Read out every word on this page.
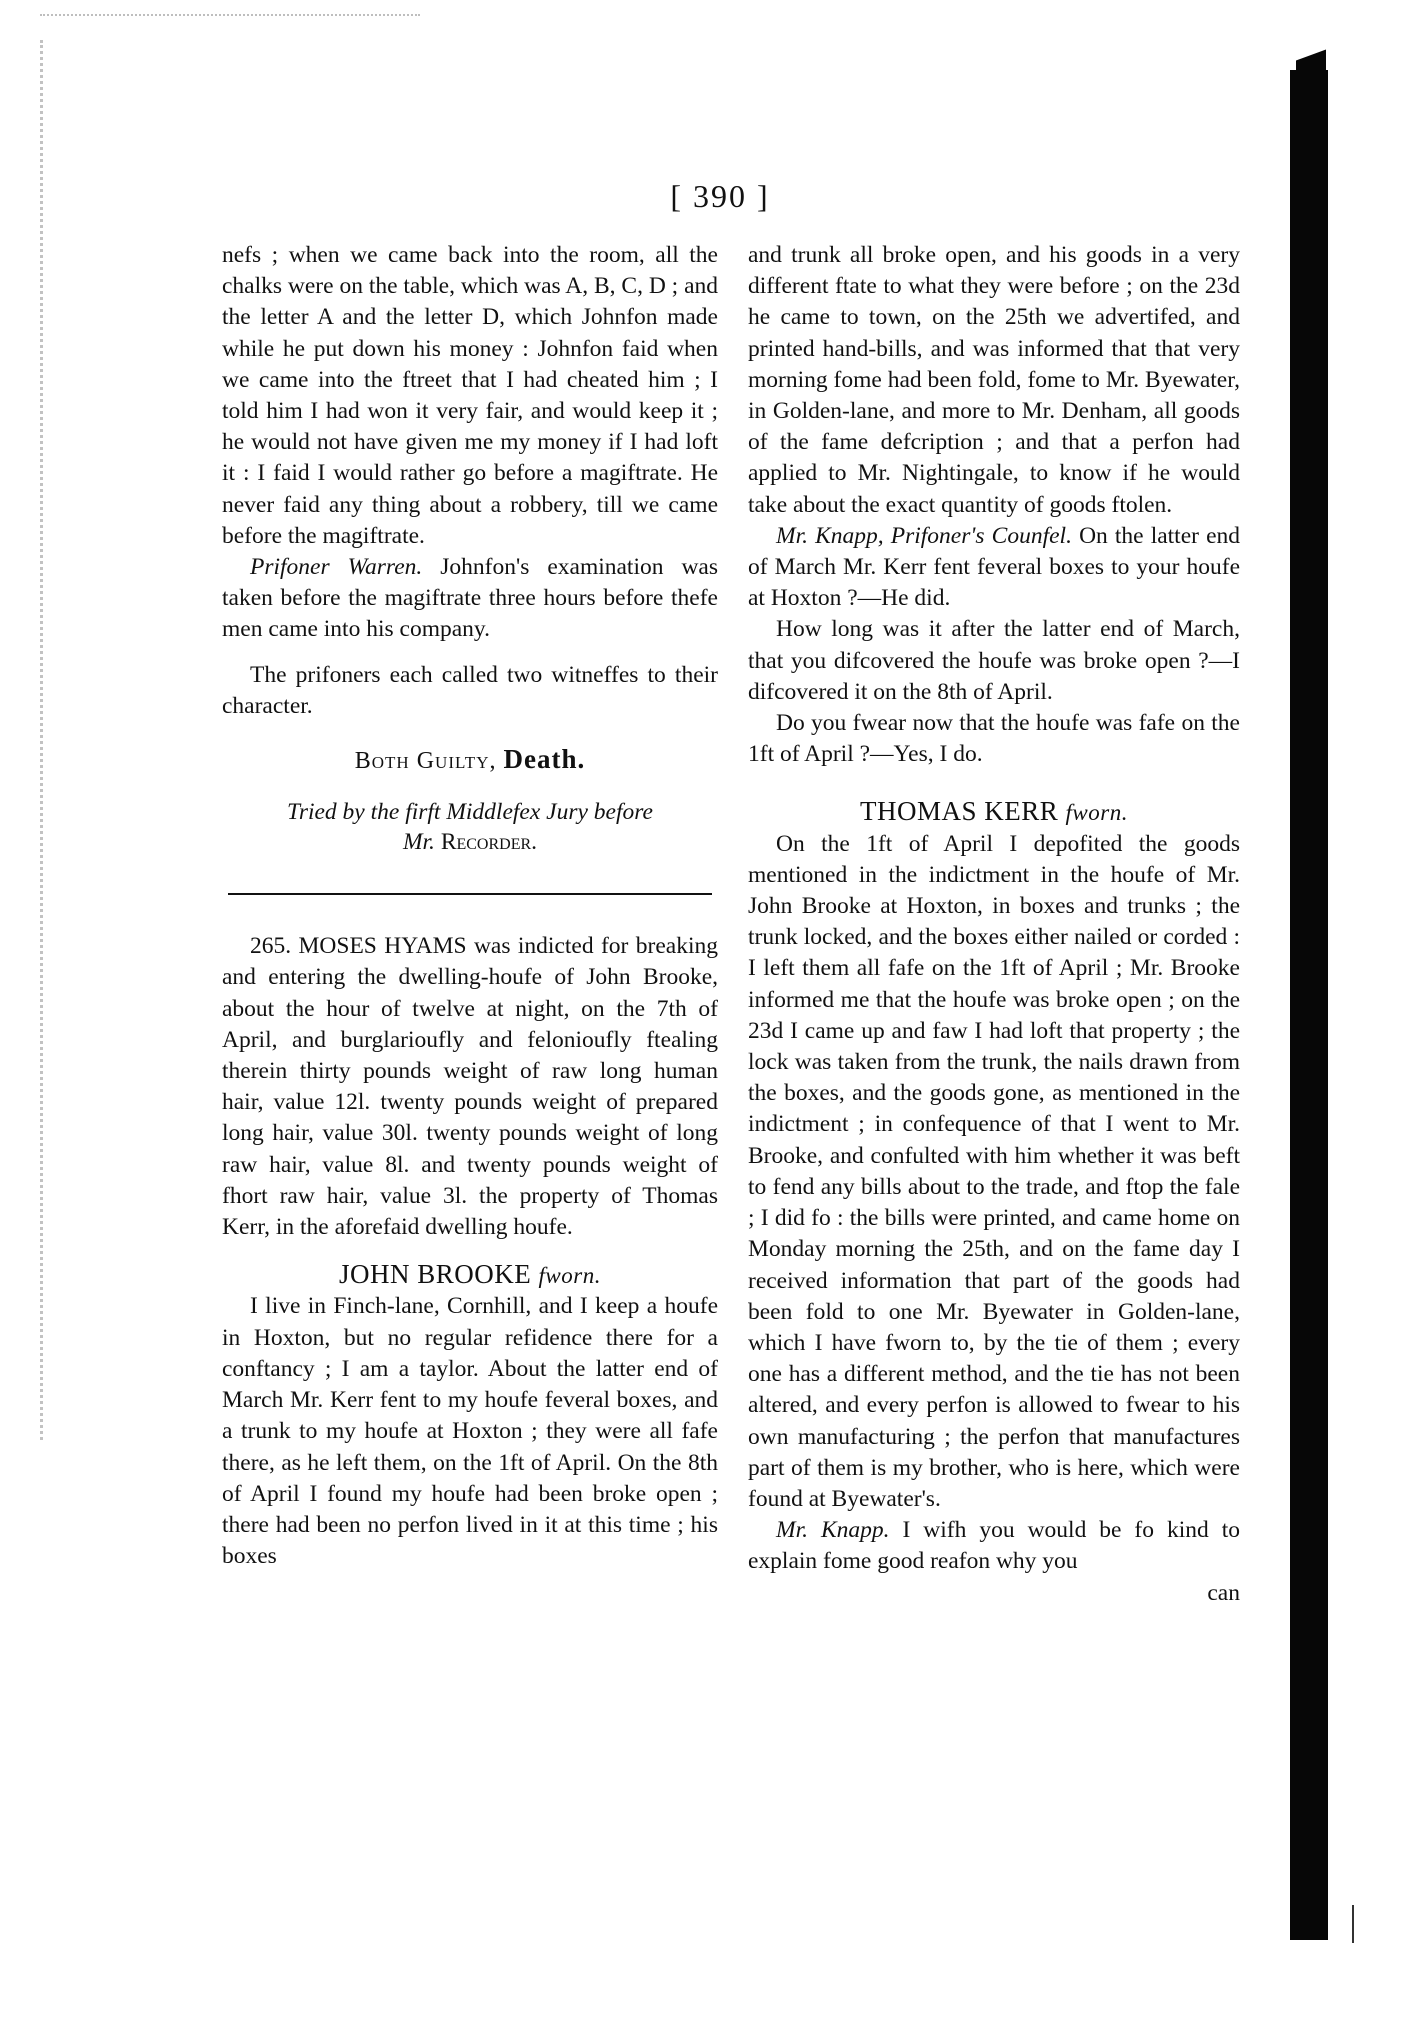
[ 390 ]

nefs ; when we came back into the room, all the chalks were on the table, which was A, B, C, D ; and the letter A and the letter D, which Johnfon made while he put down his money : Johnfon faid when we came into the ftreet that I had cheated him ; I told him I had won it very fair, and would keep it ; he would not have given me my money if I had loft it : I faid I would rather go before a magiftrate. He never faid any thing about a robbery, till we came before the magiftrate.

Prifoner Warren. Johnfon's examination was taken before the magiftrate three hours before thefe men came into his company.

The prifoners each called two witneffes to their character.

Both Guilty, Death.
Tried by the firft Middlefex Jury before
Mr. Recorder.

265. MOSES HYAMS was indicted for breaking and entering the dwelling-houfe of John Brooke, about the hour of twelve at night, on the 7th of April, and burglarioufly and felonioufly ftealing therein thirty pounds weight of raw long human hair, value 12l. twenty pounds weight of prepared long hair, value 30l. twenty pounds weight of long raw hair, value 8l. and twenty pounds weight of fhort raw hair, value 3l. the property of Thomas Kerr, in the aforefaid dwelling houfe.

JOHN BROOKE fworn.

I live in Finch-lane, Cornhill, and I keep a houfe in Hoxton, but no regular refidence there for a conftancy ; I am a taylor. About the latter end of March Mr. Kerr fent to my houfe feveral boxes, and a trunk to my houfe at Hoxton ; they were all fafe there, as he left them, on the 1ft of April. On the 8th of April I found my houfe had been broke open ; there had been no perfon lived in it at this time ; his boxes

and trunk all broke open, and his goods in a very different ftate to what they were before ; on the 23d he came to town, on the 25th we advertifed, and printed hand-bills, and was informed that that very morning fome had been fold, fome to Mr. Byewater, in Golden-lane, and more to Mr. Denham, all goods of the fame defcription ; and that a perfon had applied to Mr. Nightingale, to know if he would take about the exact quantity of goods ftolen.

Mr. Knapp, Prifoner's Counfel. On the latter end of March Mr. Kerr fent feveral boxes to your houfe at Hoxton ?—He did.

How long was it after the latter end of March, that you difcovered the houfe was broke open ?—I difcovered it on the 8th of April.

Do you fwear now that the houfe was fafe on the 1ft of April ?—Yes, I do.

THOMAS KERR fworn.

On the 1ft of April I depofited the goods mentioned in the indictment in the houfe of Mr. John Brooke at Hoxton, in boxes and trunks ; the trunk locked, and the boxes either nailed or corded : I left them all fafe on the 1ft of April ; Mr. Brooke informed me that the houfe was broke open ; on the 23d I came up and faw I had loft that property ; the lock was taken from the trunk, the nails drawn from the boxes, and the goods gone, as mentioned in the indictment ; in confequence of that I went to Mr. Brooke, and confulted with him whether it was beft to fend any bills about to the trade, and ftop the fale ; I did fo : the bills were printed, and came home on Monday morning the 25th, and on the fame day I received information that part of the goods had been fold to one Mr. Byewater in Golden-lane, which I have fworn to, by the tie of them ; every one has a different method, and the tie has not been altered, and every perfon is allowed to fwear to his own manufacturing ; the perfon that manufactures part of them is my brother, who is here, which were found at Byewater's.

Mr. Knapp. I wifh you would be fo kind to explain fome good reafon why you

can
